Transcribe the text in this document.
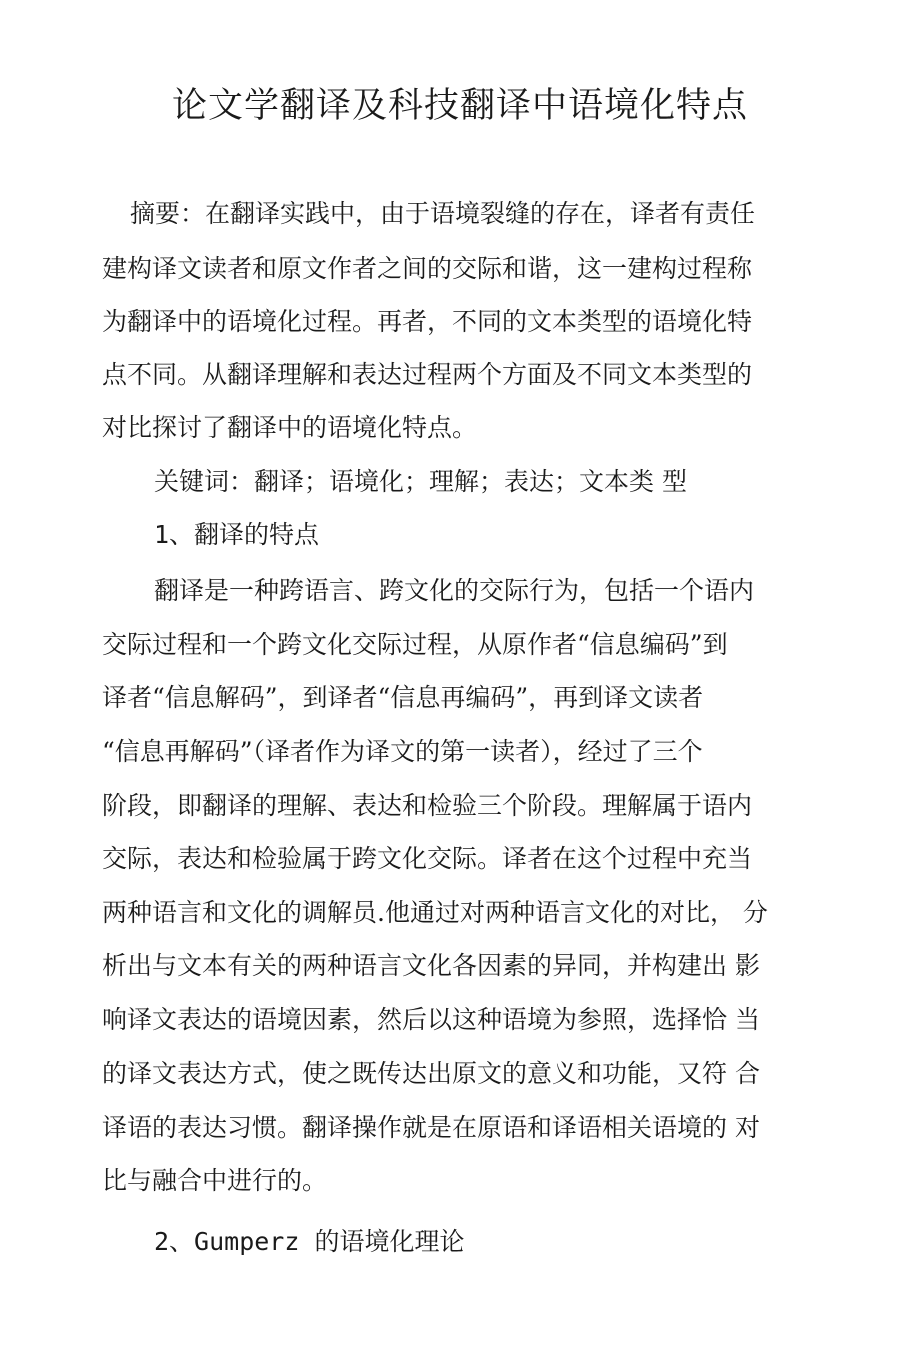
论文学翻译及科技翻译中语境化特点

摘要：在翻译实践中，由于语境裂缝的存在，译者有责任

建构译文读者和原文作者之间的交际和谐，这一建构过程称

为翻译中的语境化过程。再者，不同的文本类型的语境化特

点不同。从翻译理解和表达过程两个方面及不同文本类型的

对比探讨了翻译中的语境化特点。

关键词：翻译；语境化；理解；表达；文本类 型

1、翻译的特点

翻译是一种跨语言、跨文化的交际行为，包括一个语内

交际过程和一个跨文化交际过程，从原作者“信息编码”到

译者“信息解码”，到译者“信息再编码”，再到译文读者

“信息再解码”（译者作为译文的第一读者），经过了三个

阶段，即翻译的理解、表达和检验三个阶段。理解属于语内

交际，表达和检验属于跨文化交际。译者在这个过程中充当

两种语言和文化的调解员.他通过对两种语言文化的对比， 分

析出与文本有关的两种语言文化各因素的异同，并构建出 影

响译文表达的语境因素，然后以这种语境为参照，选择恰 当

的译文表达方式，使之既传达出原文的意义和功能，又符 合

译语的表达习惯。翻译操作就是在原语和译语相关语境的 对

比与融合中进行的。

2、Gumperz 的语境化理论
